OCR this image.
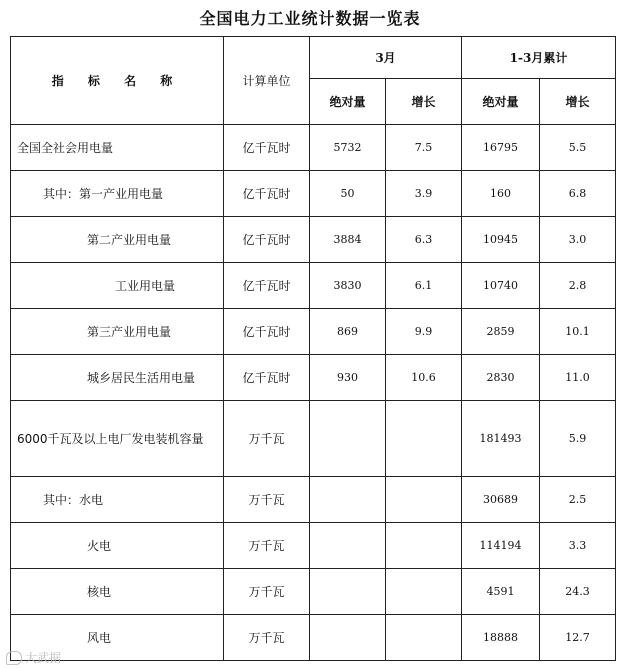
全国电力工业统计数据一览表
指 标 名 称	计算单位	3月		1-3月累计	
		绝对量	增长	绝对量	增长
全国全社会用电量	亿千瓦时	5732	7.5	16795	5.5
其中：第一产业用电量	亿千瓦时	50	3.9	160	6.8
第二产业用电量	亿千瓦时	3884	6.3	10945	3.0
工业用电量	亿千瓦时	3830	6.1	10740	2.8
第三产业用电量	亿千瓦时	869	9.9	2859	10.1
城乡居民生活用电量	亿千瓦时	930	10.6	2830	11.0
6000千瓦及以上电厂发电装机容量	万千瓦			181493	5.9
其中：水电	万千瓦			30689	2.5
火电	万千瓦			114194	3.3
核电	万千瓦			4591	24.3
风电	万千瓦			18888	12.7
大武据
